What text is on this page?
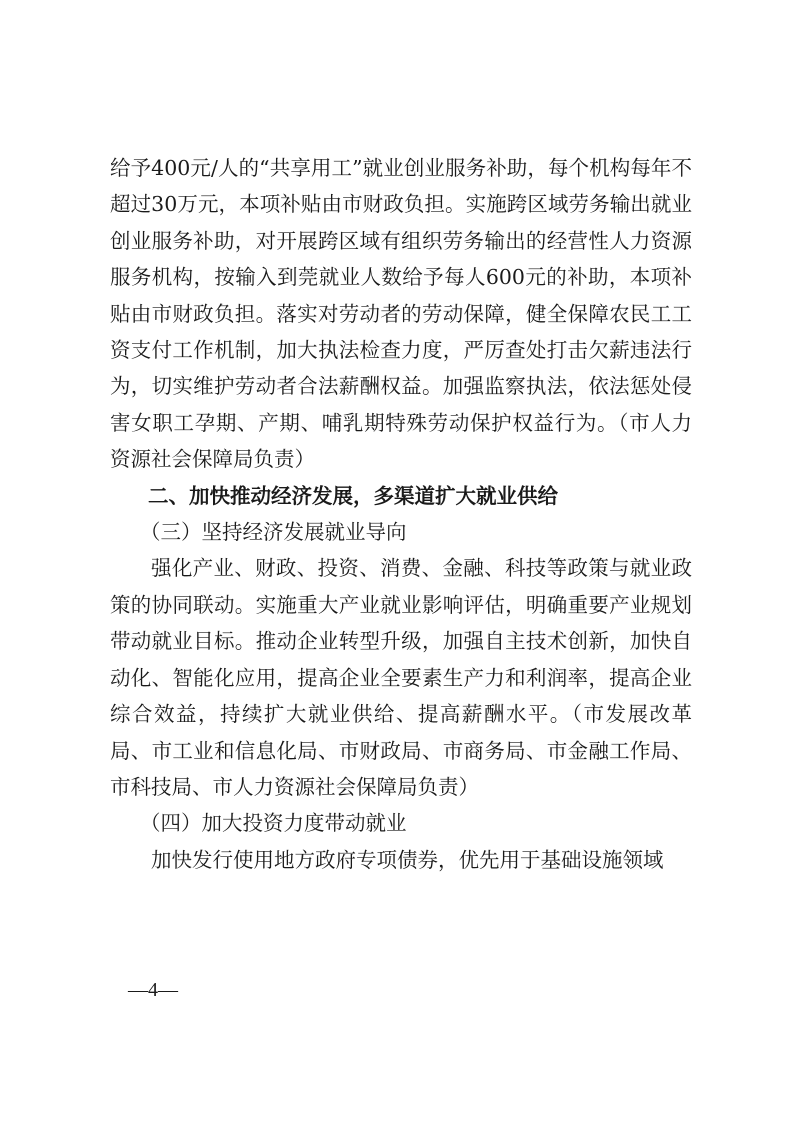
给予400元/人的“共享用工”就业创业服务补助，每个机构每年不超过30万元，本项补贴由市财政负担。实施跨区域劳务输出就业创业服务补助，对开展跨区域有组织劳务输出的经营性人力资源服务机构，按输入到莞就业人数给予每人600元的补助，本项补贴由市财政负担。落实对劳动者的劳动保障，健全保障农民工工资支付工作机制，加大执法检查力度，严厉查处打击欠薪违法行为，切实维护劳动者合法薪酬权益。加强监察执法，依法惩处侵害女职工孕期、产期、哺乳期特殊劳动保护权益行为。（市人力资源社会保障局负责）

二、加快推动经济发展，多渠道扩大就业供给

（三）坚持经济发展就业导向

强化产业、财政、投资、消费、金融、科技等政策与就业政策的协同联动。实施重大产业就业影响评估，明确重要产业规划带动就业目标。推动企业转型升级，加强自主技术创新，加快自动化、智能化应用，提高企业全要素生产力和利润率，提高企业综合效益，持续扩大就业供给、提高薪酬水平。（市发展改革局、市工业和信息化局、市财政局、市商务局、市金融工作局、市科技局、市人力资源社会保障局负责）

（四）加大投资力度带动就业

加快发行使用地方政府专项债券，优先用于基础设施领域

—4—
